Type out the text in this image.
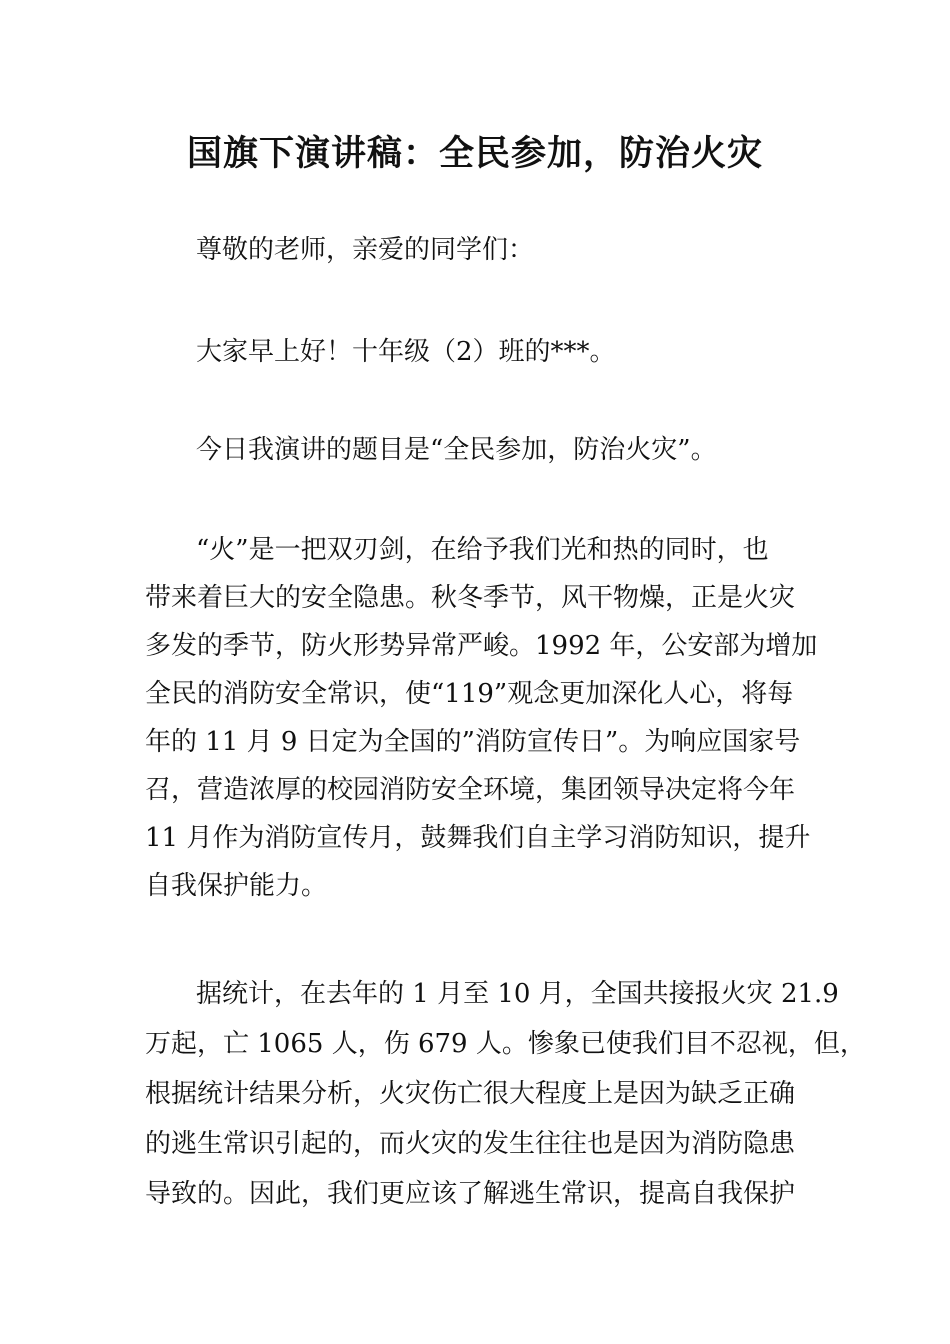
国旗下演讲稿：全民参加，防治火灾

尊敬的老师，亲爱的同学们：

大家早上好！十年级（2）班的***。

今日我演讲的题目是“全民参加，防治火灾”。

“火”是一把双刃剑，在给予我们光和热的同时，也

带来着巨大的安全隐患。秋冬季节，风干物燥，正是火灾

多发的季节，防火形势异常严峻。1992 年，公安部为增加

全民的消防安全常识，使“119”观念更加深化人心，将每

年的 11 月 9 日定为全国的”消防宣传日”。为响应国家号

召，营造浓厚的校园消防安全环境，集团领导决定将今年

11 月作为消防宣传月，鼓舞我们自主学习消防知识，提升

自我保护能力。

据统计，在去年的 1 月至 10 月，全国共接报火灾 21.9

万起，亡 1065 人，伤 679 人。惨象已使我们目不忍视，但，

根据统计结果分析，火灾伤亡很大程度上是因为缺乏正确

的逃生常识引起的，而火灾的发生往往也是因为消防隐患

导致的。因此，我们更应该了解逃生常识，提高自我保护
